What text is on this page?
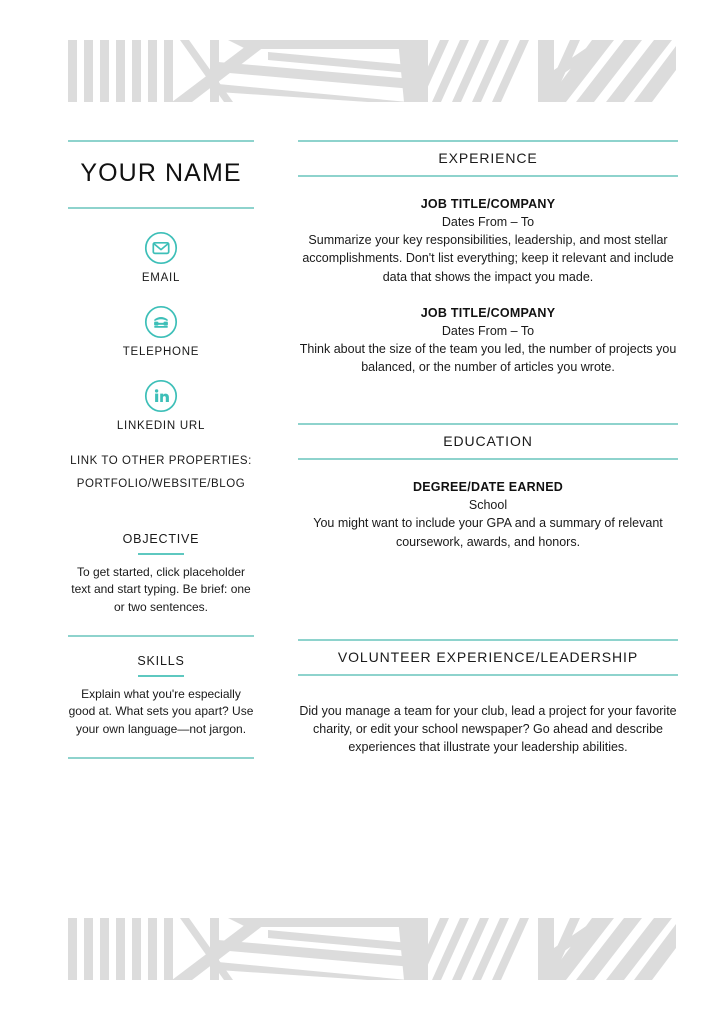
YOUR NAME
EMAIL
TELEPHONE
LINKEDIN URL
LINK TO OTHER PROPERTIES:
PORTFOLIO/WEBSITE/BLOG
OBJECTIVE
To get started, click placeholder text and start typing. Be brief: one or two sentences.
SKILLS
Explain what you're especially good at. What sets you apart? Use your own language—not jargon.
EXPERIENCE
JOB TITLE/COMPANY
Dates From – To
Summarize your key responsibilities, leadership, and most stellar accomplishments. Don't list everything; keep it relevant and include data that shows the impact you made.
JOB TITLE/COMPANY
Dates From – To
Think about the size of the team you led, the number of projects you balanced, or the number of articles you wrote.
EDUCATION
DEGREE/DATE EARNED
School
You might want to include your GPA and a summary of relevant coursework, awards, and honors.
VOLUNTEER EXPERIENCE/LEADERSHIP
Did you manage a team for your club, lead a project for your favorite charity, or edit your school newspaper? Go ahead and describe experiences that illustrate your leadership abilities.
